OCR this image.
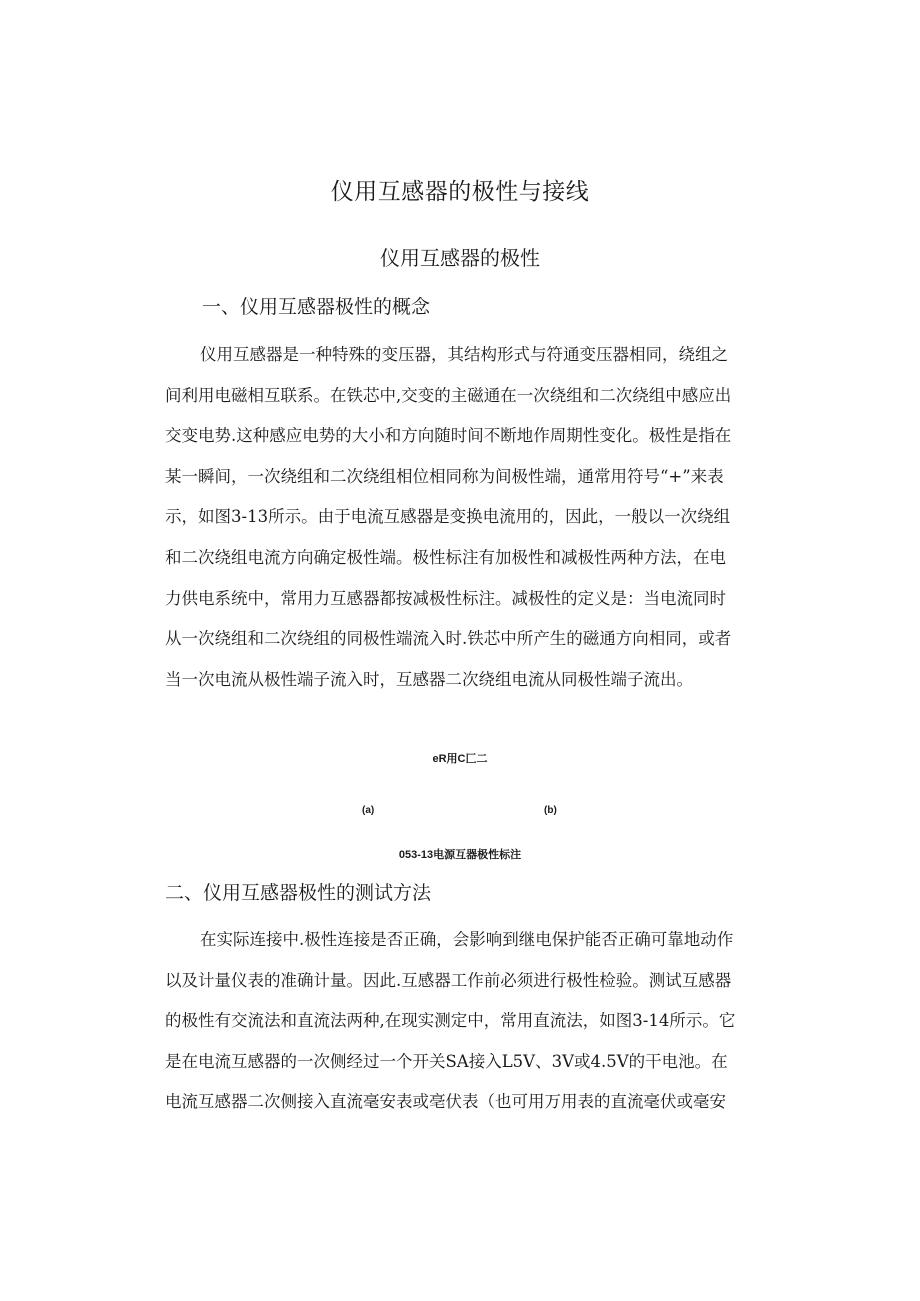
仪用互感器的极性与接线
仪用互感器的极性
一、仪用互感器极性的概念
仪用互感器是一种特殊的变压器，其结构形式与符通变压器相同，绕组之
间利用电磁相互联系。在铁芯中,交变的主磁通在一次绕组和二次绕组中感应出
交变电势.这种感应电势的大小和方向随时间不断地作周期性变化。极性是指在
某一瞬间，一次绕组和二次绕组相位相同称为间极性端，通常用符号“+”来表
示，如图3-13所示。由于电流互感器是变换电流用的，因此，一般以一次绕组
和二次绕组电流方向确定极性端。极性标注有加极性和减极性两种方法，在电
力供电系统中，常用力互感器都按减极性标注。减极性的定义是：当电流同时
从一次绕组和二次绕组的同极性端流入时.铁芯中所产生的磁通方向相同，或者
当一次电流从极性端子流入时，互感器二次绕组电流从同极性端子流出。
eR用C匚二
(a)	(b)
053-13电源互器极性标注
二、仪用互感器极性的测试方法
在实际连接中.极性连接是否正确，会影响到继电保护能否正确可靠地动作
以及计量仪表的准确计量。因此.互感器工作前必须进行极性检验。测试互感器
的极性有交流法和直流法两种,在现实测定中，常用直流法，如图3-14所示。它
是在电流互感器的一次侧经过一个开关SA接入L5V、3V或4.5V的干电池。在
电流互感器二次侧接入直流毫安表或亳伏表（也可用万用表的直流毫伏或毫安
